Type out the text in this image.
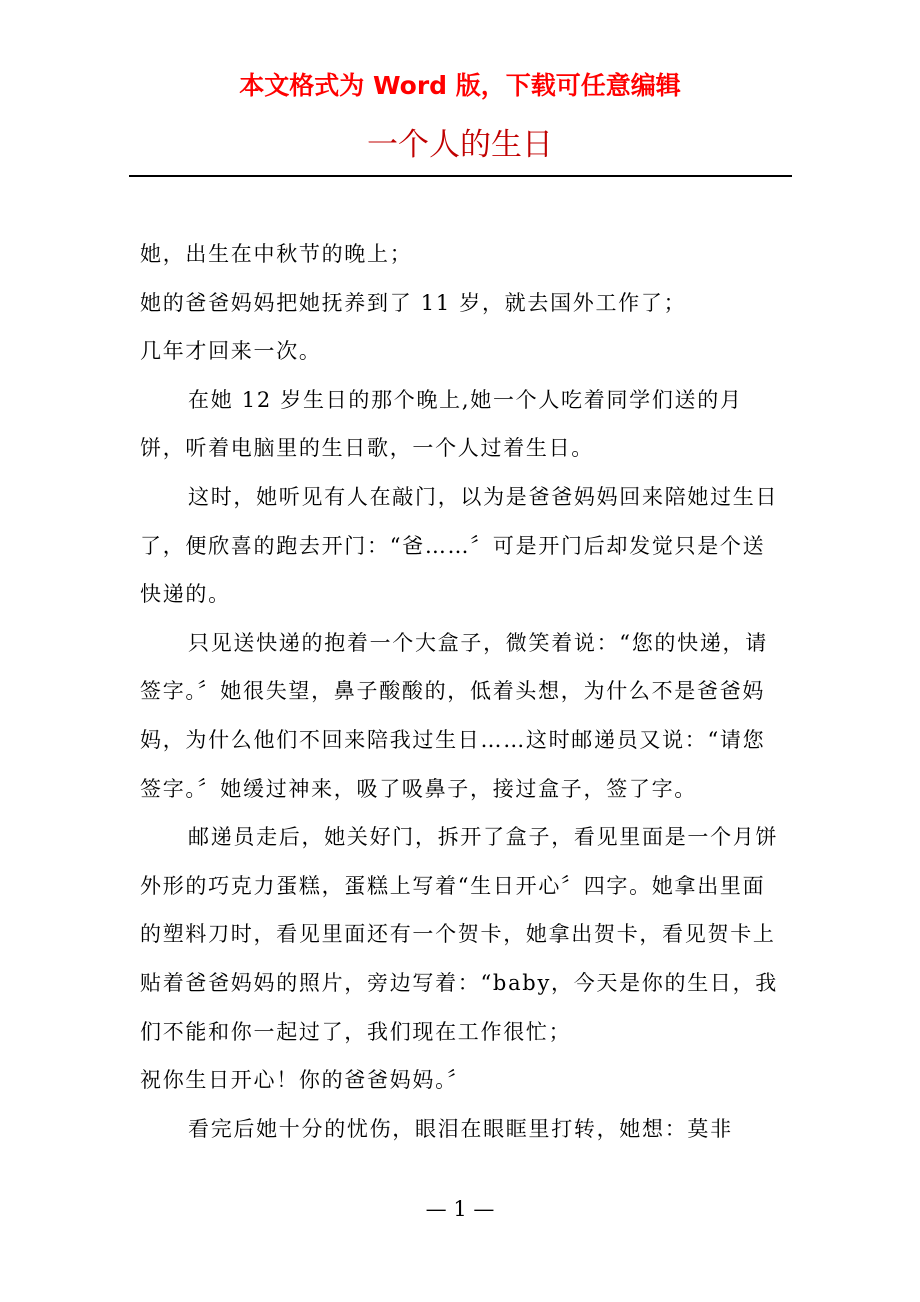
本文格式为 Word 版，下载可任意编辑
一个人的生日

她，出生在中秋节的晚上；

她的爸爸妈妈把她抚养到了 11 岁，就去国外工作了；

几年才回来一次。

在她 12 岁生日的那个晚上,她一个人吃着同学们送的月饼，听着电脑里的生日歌，一个人过着生日。

这时，她听见有人在敲门，以为是爸爸妈妈回来陪她过生日了，便欣喜的跑去开门：“爸……〞可是开门后却发觉只是个送快递的。

只见送快递的抱着一个大盒子，微笑着说：“您的快递，请签字。〞她很失望，鼻子酸酸的，低着头想，为什么不是爸爸妈妈，为什么他们不回来陪我过生日……这时邮递员又说：“请您签字。〞她缓过神来，吸了吸鼻子，接过盒子，签了字。

邮递员走后，她关好门，拆开了盒子，看见里面是一个月饼外形的巧克力蛋糕，蛋糕上写着“生日开心〞四字。她拿出里面的塑料刀时，看见里面还有一个贺卡，她拿出贺卡，看见贺卡上贴着爸爸妈妈的照片，旁边写着：“baby，今天是你的生日，我们不能和你一起过了，我们现在工作很忙；

祝你生日开心！你的爸爸妈妈。〞

看完后她十分的忧伤，眼泪在眼眶里打转，她想：莫非

— 1 —
